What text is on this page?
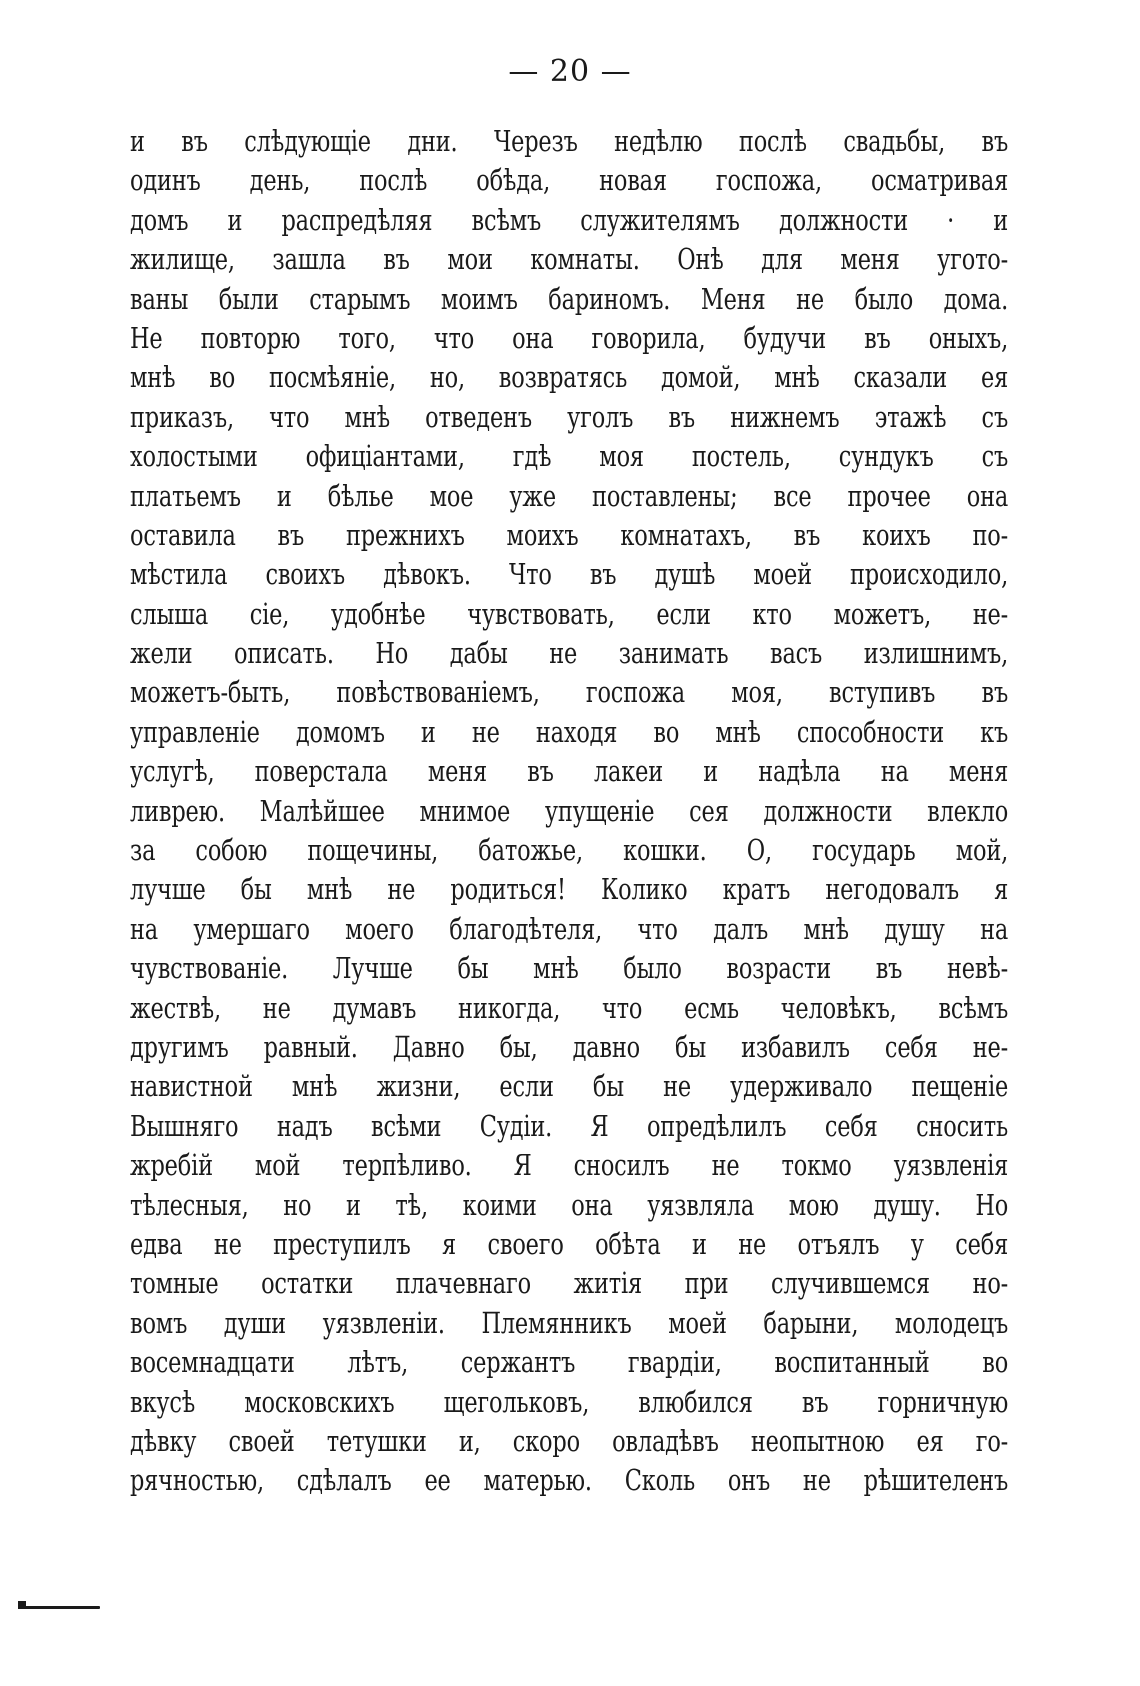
— 20 —
и въ слѣдующіе дни. Черезъ недѣлю послѣ свадьбы, въ
одинъ день, послѣ обѣда, новая госпожа, осматривая
домъ и распредѣляя всѣмъ служителямъ должности · и
жилище, зашла въ мои комнаты. Онѣ для меня угото-
ваны были старымъ моимъ бариномъ. Меня не было дома.
Не повторю того, что она говорила, будучи въ оныхъ,
мнѣ во посмѣяніе, но, возвратясь домой, мнѣ сказали ея
приказъ, что мнѣ отведенъ уголъ въ нижнемъ этажѣ съ
холостыми офиціантами, гдѣ моя постель, сундукъ съ
платьемъ и бѣлье мое уже поставлены; все прочее она
оставила въ прежнихъ моихъ комнатахъ, въ коихъ по-
мѣстила своихъ дѣвокъ. Что въ душѣ моей происходило,
слыша сіе, удобнѣе чувствовать, если кто можетъ, не-
жели описать. Но дабы не занимать васъ излишнимъ,
можетъ-быть, повѣствованіемъ, госпожа моя, вступивъ въ
управленіе домомъ и не находя во мнѣ способности къ
услугѣ, поверстала меня въ лакеи и надѣла на меня
ливрею. Малѣйшее мнимое упущеніе сея должности влекло
за собою пощечины, батожье, кошки. О, государь мой,
лучше бы мнѣ не родиться! Колико кратъ негодовалъ я
на умершаго моего благодѣтеля, что далъ мнѣ душу на
чувствованіе. Лучше бы мнѣ было возрасти въ невѣ-
жествѣ, не думавъ никогда, что есмь человѣкъ, всѣмъ
другимъ равный. Давно бы, давно бы избавилъ себя не-
навистной мнѣ жизни, если бы не удерживало пещеніе
Вышняго надъ всѣми Судіи. Я опредѣлилъ себя сносить
жребій мой терпѣливо. Я сносилъ не токмо уязвленія
тѣлесныя, но и тѣ, коими она уязвляла мою душу. Но
едва не преступилъ я своего обѣта и не отъялъ у себя
томные остатки плачевнаго житія при случившемся но-
вомъ души уязвленіи. Племянникъ моей барыни, молодецъ
восемнадцати лѣтъ, сержантъ гвардіи, воспитанный во
вкусѣ московскихъ щегольковъ, влюбился въ горничную
дѣвку своей тетушки и, скоро овладѣвъ неопытною ея го-
рячностью, сдѣлалъ ее матерью. Сколь онъ не рѣшителенъ
